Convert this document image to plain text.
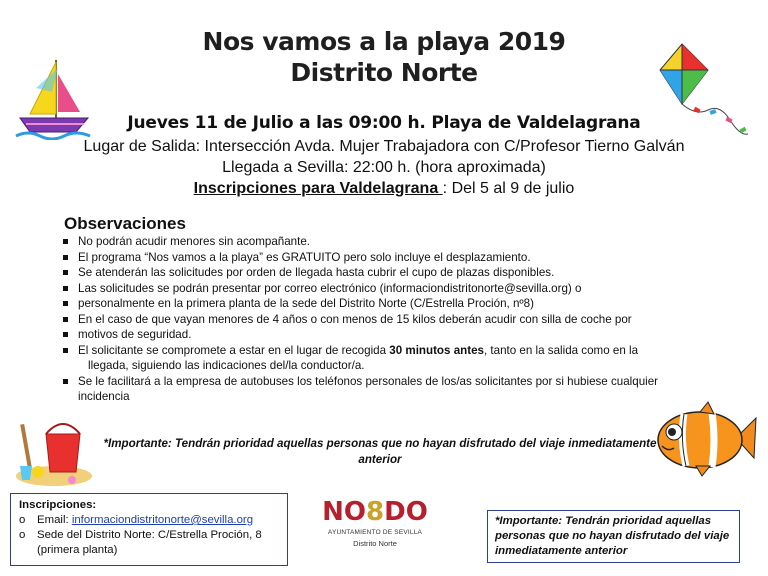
Nos vamos a la playa 2019
Distrito Norte
Jueves 11 de Julio a las 09:00 h. Playa de Valdelagrana
Lugar de Salida: Intersección Avda. Mujer Trabajadora con C/Profesor Tierno Galván
Llegada a Sevilla: 22:00 h. (hora aproximada)
Inscripciones para Valdelagrana : Del 5 al 9 de julio
Observaciones
No podrán acudir menores sin acompañante.
El programa “Nos vamos a la playa” es GRATUITO pero solo incluye el desplazamiento.
Se atenderán las solicitudes por orden de llegada hasta cubrir el cupo de plazas disponibles.
Las solicitudes se podrán presentar por correo electrónico (informaciondistritonorte@sevilla.org) o
personalmente en la primera planta de la sede del Distrito Norte (C/Estrella Proción, nº8)
En el caso de que vayan menores de 4 años o con menos de 15 kilos deberán acudir con silla de coche por
motivos de seguridad.
El solicitante se compromete a estar en el lugar de recogida 30 minutos antes, tanto en la salida como en la
llegada, siguiendo las indicaciones del/la conductor/a.
Se le facilitará a la empresa de autobuses los teléfonos personales de los/as solicitantes por si hubiese cualquier
incidencia
*Importante: Tendrán prioridad aquellas personas que no hayan disfrutado del viaje inmediatamente
anterior
Inscripciones:
o Email: informaciondistritonorte@sevilla.org
o Sede del Distrito Norte: C/Estrella Proción, 8
(primera planta)
NO8DO
AYUNTAMIENTO DE SEVILLA
Distrito Norte
*Importante: Tendrán prioridad aquellas personas que no hayan disfrutado del viaje inmediatamente anterior
